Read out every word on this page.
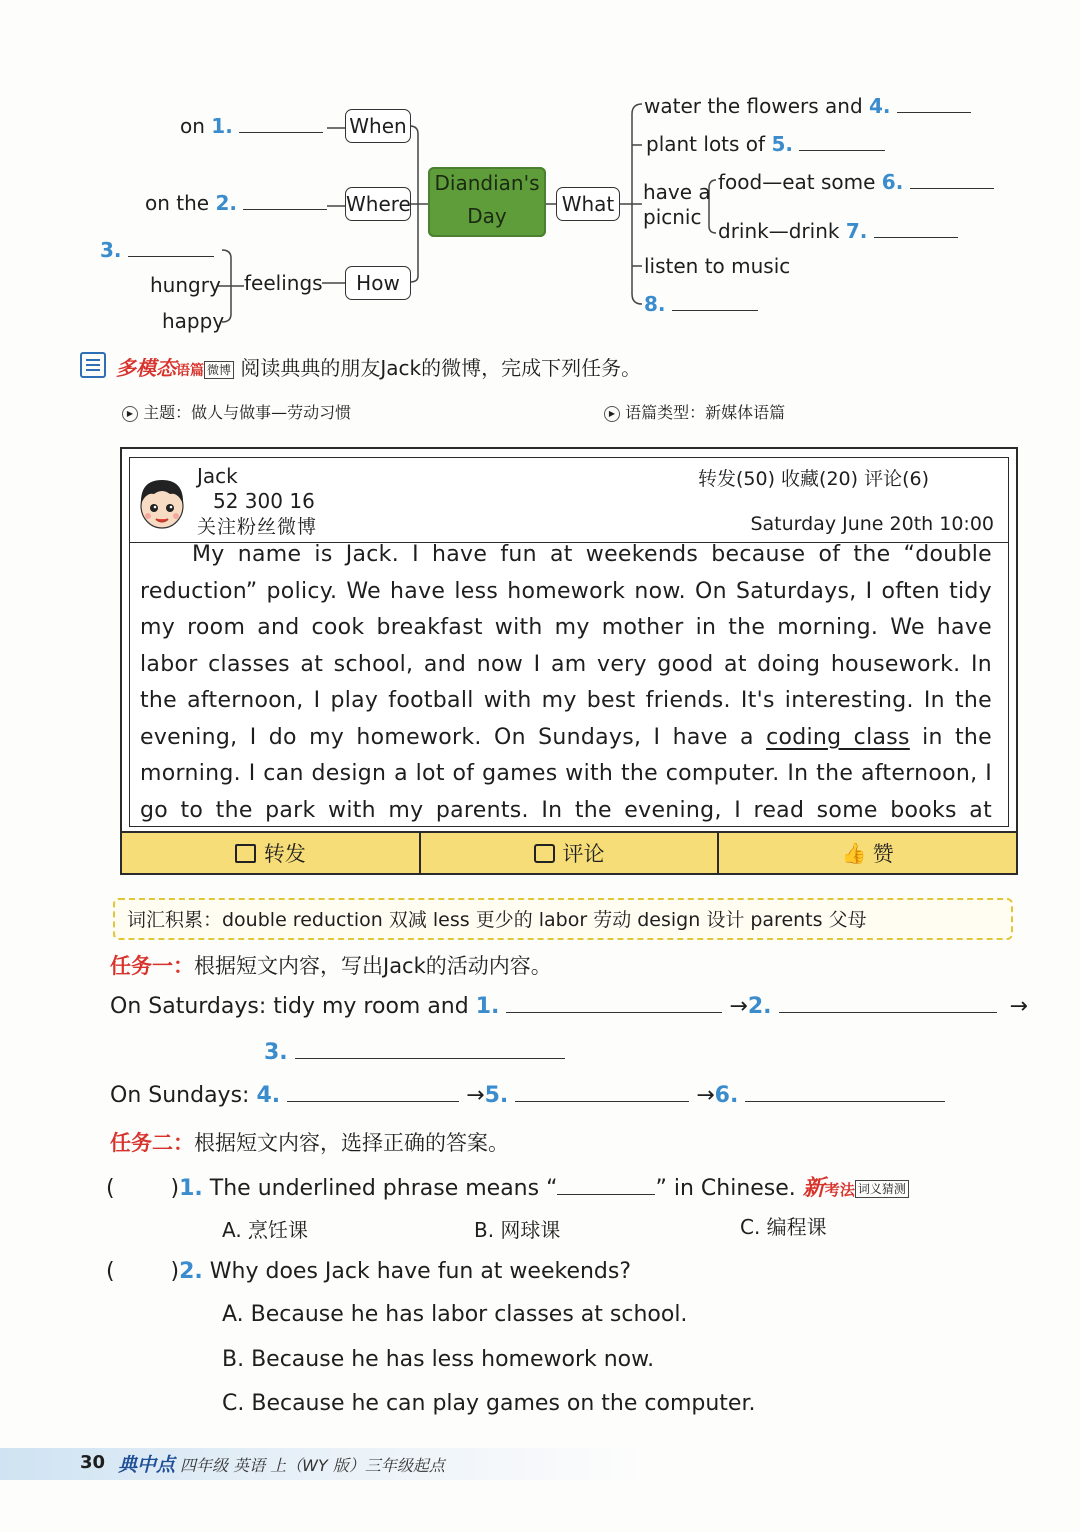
on 1.
on the 2.
3.
hungry
happy
feelings
When
Where
How
Diandian's
Day	What
water the flowers and 4.
plant lots of 5.
have a
picnic
food—eat some 6.
drink—drink 7.
listen to music
8.
多模态语篇 微博 阅读典典的朋友Jack的微博，完成下列任务。
▶ 主题：做人与做事—劳动习惯	▶ 语篇类型：新媒体语篇
Jack
52 300 16
关注粉丝微博
转发(50) 收藏(20) 评论(6)
Saturday June 20th 10:00

My name is Jack. I have fun at weekends because of the “double reduction” policy. We have less homework now. On Saturdays, I often tidy my room and cook breakfast with my mother in the morning. We have labor classes at school, and now I am very good at doing housework. In the afternoon, I play football with my best friends. It's interesting. In the evening, I do my homework. On Sundays, I have a coding class in the morning. I can design a lot of games with the computer. In the afternoon, I go to the park with my parents. In the evening, I read some books at

转发	评论	👍 赞
词汇积累：double reduction 双减 less 更少的 labor 劳动 design 设计 parents 父母
任务一：根据短文内容，写出Jack的活动内容。
On Saturdays: tidy my room and 1.	→2.	→
3.
On Sundays: 4.	→5.	→6.
任务二：根据短文内容，选择正确的答案。
(        )1. The underlined phrase means “	” in Chinese. 新考法 词义猜测
A. 烹饪课	B. 网球课	C. 编程课
(        )2. Why does Jack have fun at weekends?
A. Because he has labor classes at school.
B. Because he has less homework now.
C. Because he can play games on the computer.
30 典中点 四年级 英语 上（WY 版）三年级起点
